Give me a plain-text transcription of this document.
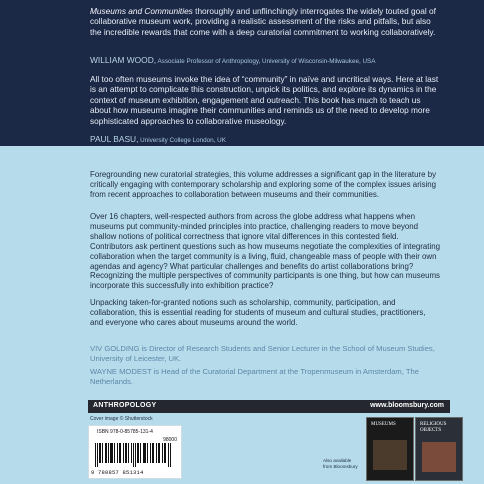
Museums and Communities thoroughly and unflinchingly interrogates the widely touted goal of collaborative museum work, providing a realistic assessment of the risks and pitfalls, but also the incredible rewards that come with a deep curatorial commitment to working collaboratively.
WILLIAM WOOD, Associate Professor of Anthropology, University of Wisconsin-Milwaukee, USA
All too often museums invoke the idea of “community” in naïve and uncritical ways. Here at last is an attempt to complicate this construction, unpick its politics, and explore its dynamics in the context of museum exhibition, engagement and outreach. This book has much to teach us about how museums imagine their communities and reminds us of the need to develop more sophisticated approaches to collaborative museology.
PAUL BASU, University College London, UK
Foregrounding new curatorial strategies, this volume addresses a significant gap in the literature by critically engaging with contemporary scholarship and exploring some of the complex issues arising from recent approaches to collaboration between museums and their communities.
Over 16 chapters, well-respected authors from across the globe address what happens when museums put community-minded principles into practice, challenging readers to move beyond shallow notions of political correctness that ignore vital differences in this contested field. Contributors ask pertinent questions such as how museums negotiate the complexities of integrating collaboration when the target community is a living, fluid, changeable mass of people with their own agendas and agency? What particular challenges and benefits do artist collaborations bring? Recognizing the multiple perspectives of community participants is one thing, but how can museums incorporate this successfully into exhibition practice?
Unpacking taken-for-granted notions such as scholarship, community, participation, and collaboration, this is essential reading for students of museum and cultural studies, practitioners, and everyone who cares about museums around the world.
VIV GOLDING is Director of Research Students and Senior Lecturer in the School of Museum Studies, University of Leicester, UK.
WAYNE MODEST is Head of the Curatorial Department at the Tropenmuseum in Amsterdam, The Netherlands.
ANTHROPOLOGY	www.bloomsbury.com
Cover image © Shutterstock
ISBN 978-0-85785-131-4
98000
9 780857 851314
Also available
from Bloomsbury
MUSEUMS	RELIGIOUS OBJECTS
